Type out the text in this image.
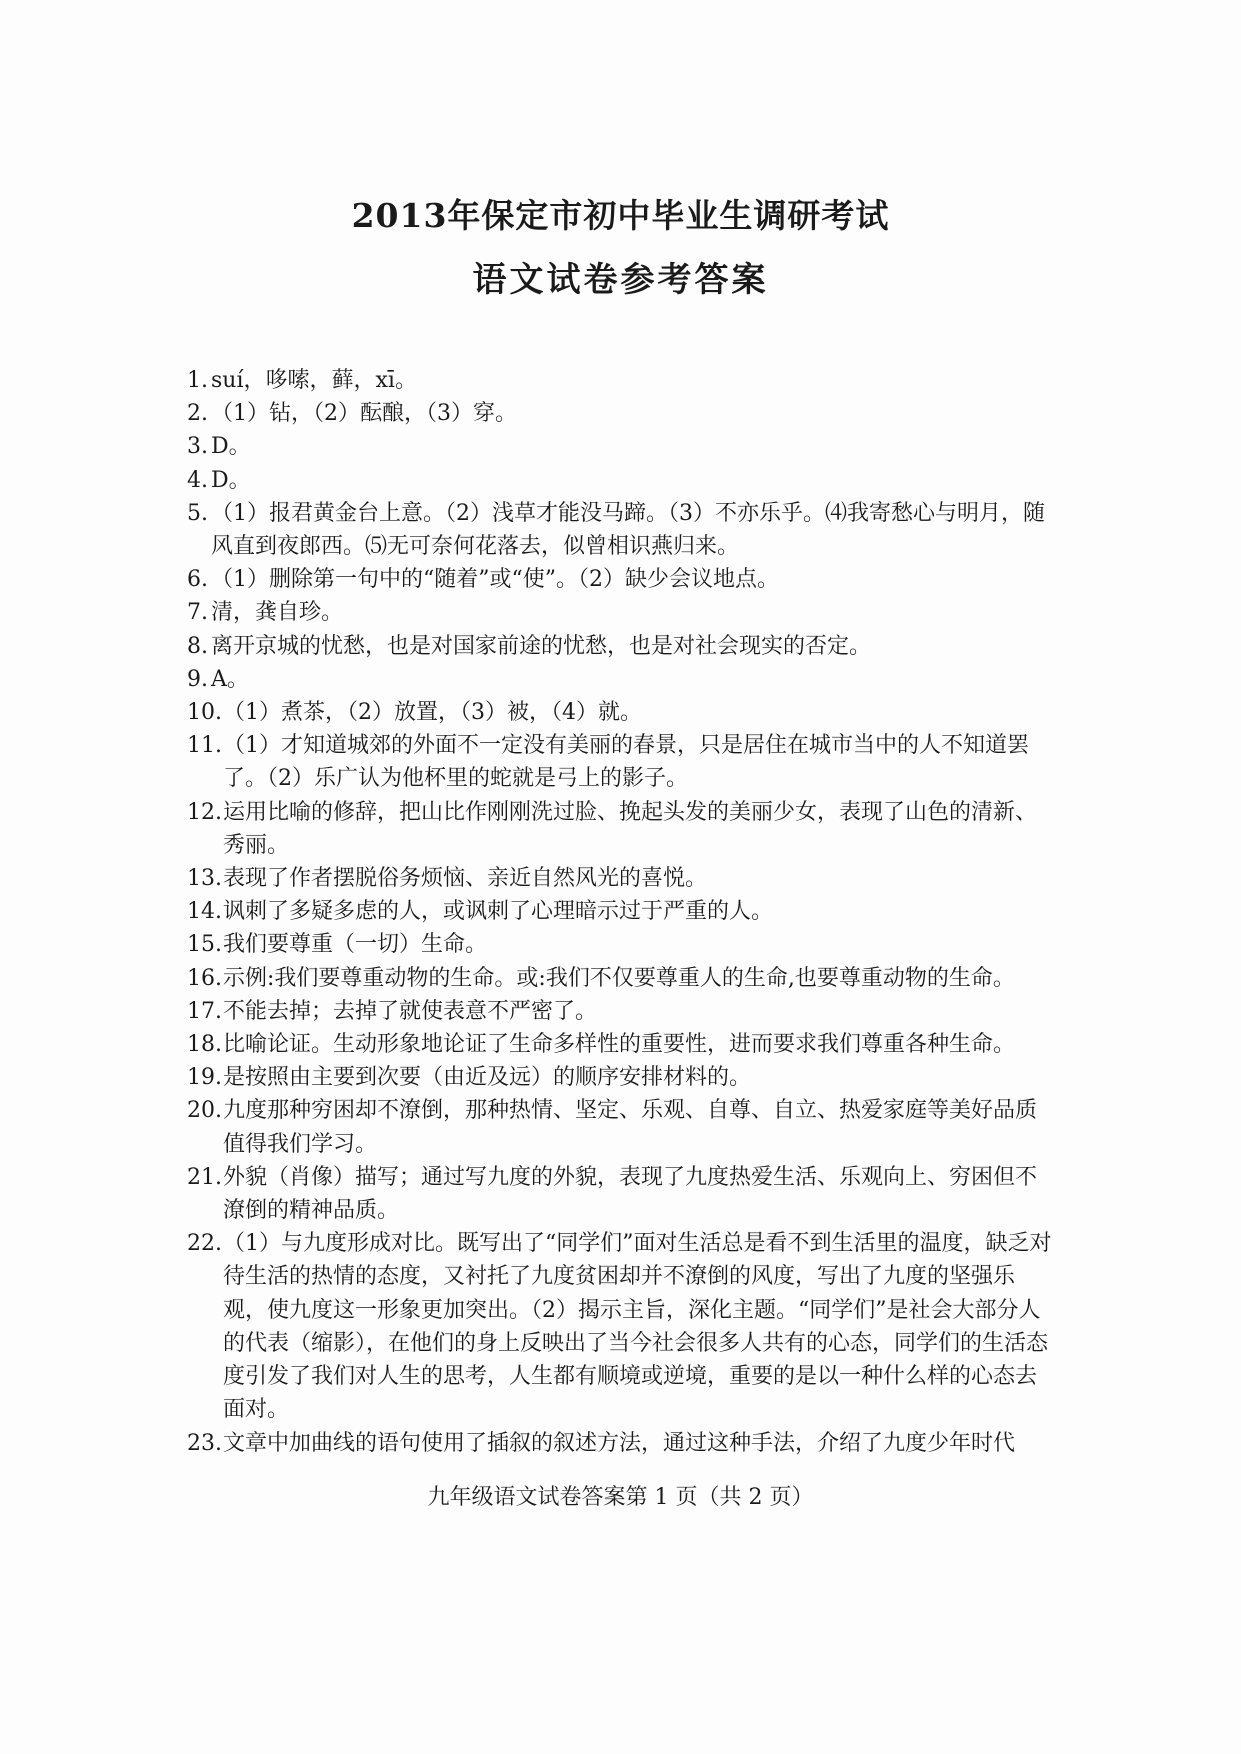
2013年保定市初中毕业生调研考试
语文试卷参考答案
1. suí，哆嗦，藓，xī。
2. （1）钻，（2）酝酿，（3）穿。
3. D。
4. D。
5. （1）报君黄金台上意。（2）浅草才能没马蹄。（3）不亦乐乎。⑷我寄愁心与明月，随风直到夜郎西。⑸无可奈何花落去，似曾相识燕归来。
6. （1）删除第一句中的“随着”或“使”。（2）缺少会议地点。
7. 清，龚自珍。
8. 离开京城的忧愁，也是对国家前途的忧愁，也是对社会现实的否定。
9. A。
10. （1）煮茶，（2）放置，（3）被，（4）就。
11. （1）才知道城郊的外面不一定没有美丽的春景，只是居住在城市当中的人不知道罢了。（2）乐广认为他杯里的蛇就是弓上的影子。
12. 运用比喻的修辞，把山比作刚刚洗过脸、挽起头发的美丽少女，表现了山色的清新、秀丽。
13. 表现了作者摆脱俗务烦恼、亲近自然风光的喜悦。
14. 讽刺了多疑多虑的人，或讽刺了心理暗示过于严重的人。
15. 我们要尊重（一切）生命。
16. 示例:我们要尊重动物的生命。或:我们不仅要尊重人的生命,也要尊重动物的生命。
17. 不能去掉；去掉了就使表意不严密了。
18. 比喻论证。生动形象地论证了生命多样性的重要性，进而要求我们尊重各种生命。
19. 是按照由主要到次要（由近及远）的顺序安排材料的。
20. 九度那种穷困却不潦倒，那种热情、坚定、乐观、自尊、自立、热爱家庭等美好品质值得我们学习。
21. 外貌（肖像）描写；通过写九度的外貌，表现了九度热爱生活、乐观向上、穷困但不潦倒的精神品质。
22. （1）与九度形成对比。既写出了“同学们”面对生活总是看不到生活里的温度，缺乏对待生活的热情的态度，又衬托了九度贫困却并不潦倒的风度，写出了九度的坚强乐观，使九度这一形象更加突出。（2）揭示主旨，深化主题。“同学们”是社会大部分人的代表（缩影），在他们的身上反映出了当今社会很多人共有的心态，同学们的生活态度引发了我们对人生的思考，人生都有顺境或逆境，重要的是以一种什么样的心态去面对。
23. 文章中加曲线的语句使用了插叙的叙述方法，通过这种手法，介绍了九度少年时代
九年级语文试卷答案第 1 页（共 2 页）
